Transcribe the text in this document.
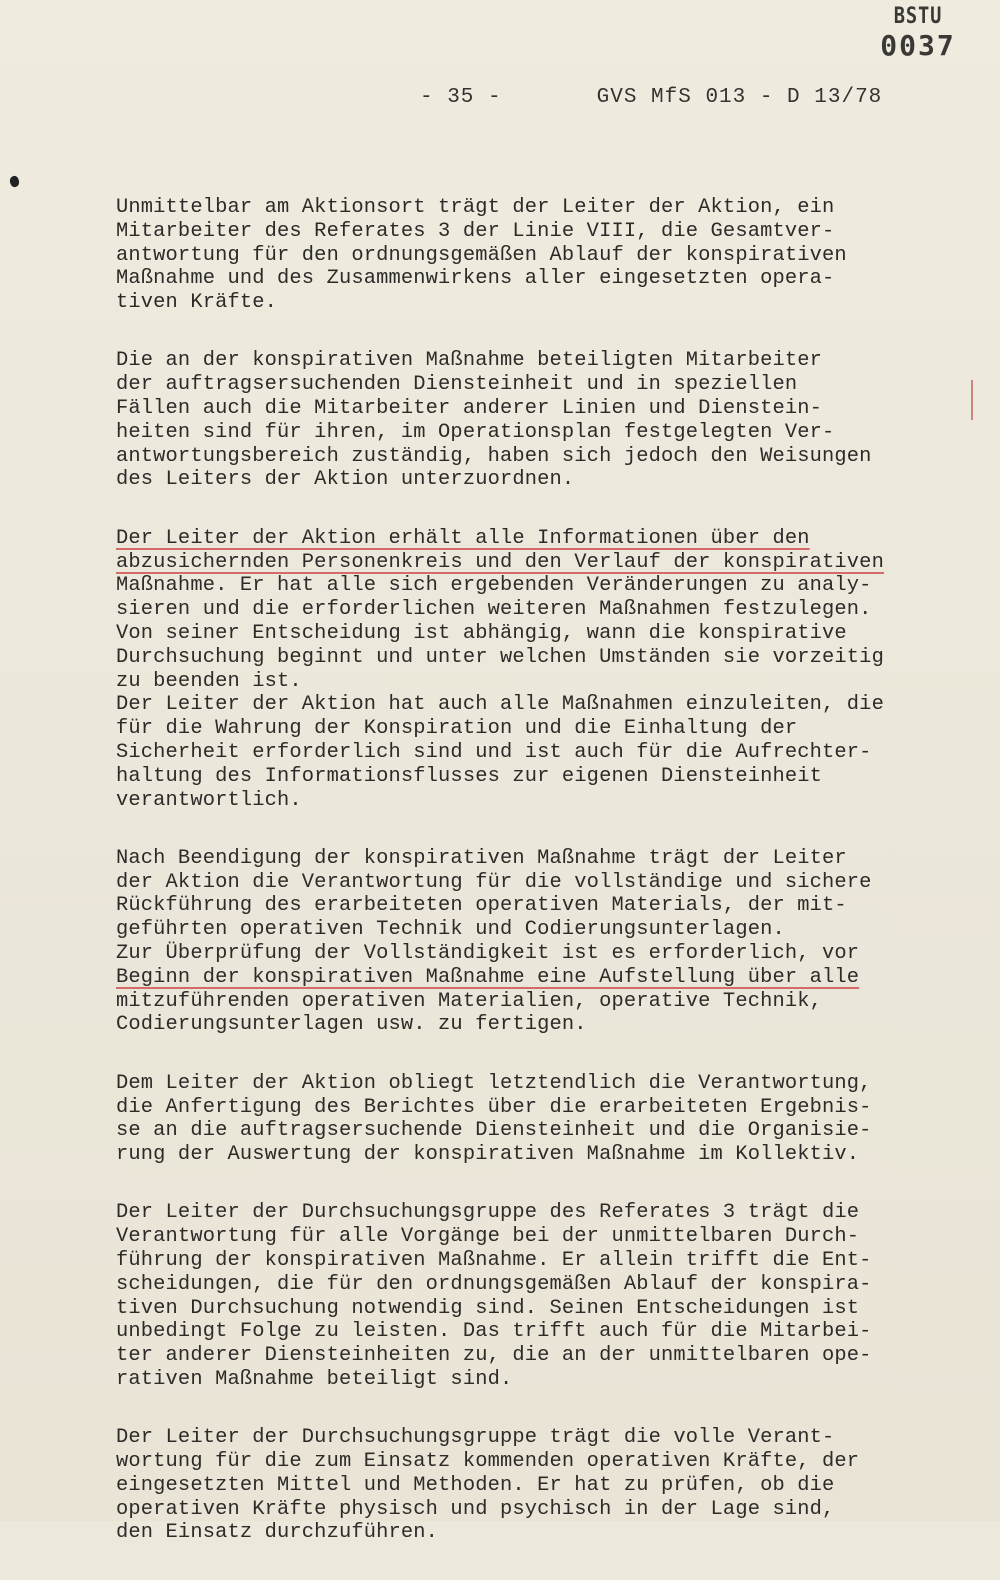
BSTU
0037
- 35 -	GVS MfS 013 - D 13/78
Unmittelbar am Aktionsort trägt der Leiter der Aktion, ein
Mitarbeiter des Referates 3 der Linie VIII, die Gesamtver-
antwortung für den ordnungsgemäßen Ablauf der konspirativen
Maßnahme und des Zusammenwirkens aller eingesetzten opera-
tiven Kräfte.
Die an der konspirativen Maßnahme beteiligten Mitarbeiter
der auftragsersuchenden Diensteinheit und in speziellen
Fällen auch die Mitarbeiter anderer Linien und Dienstein-
heiten sind für ihren, im Operationsplan festgelegten Ver-
antwortungsbereich zuständig, haben sich jedoch den Weisungen
des Leiters der Aktion unterzuordnen.
Der Leiter der Aktion erhält alle Informationen über den
abzusichernden Personenkreis und den Verlauf der konspirativen
Maßnahme. Er hat alle sich ergebenden Veränderungen zu analy-
sieren und die erforderlichen weiteren Maßnahmen festzulegen.
Von seiner Entscheidung ist abhängig, wann die konspirative
Durchsuchung beginnt und unter welchen Umständen sie vorzeitig
zu beenden ist.
Der Leiter der Aktion hat auch alle Maßnahmen einzuleiten, die
für die Wahrung der Konspiration und die Einhaltung der
Sicherheit erforderlich sind und ist auch für die Aufrechter-
haltung des Informationsflusses zur eigenen Diensteinheit
verantwortlich.
Nach Beendigung der konspirativen Maßnahme trägt der Leiter
der Aktion die Verantwortung für die vollständige und sichere
Rückführung des erarbeiteten operativen Materials, der mit-
geführten operativen Technik und Codierungsunterlagen.
Zur Überprüfung der Vollständigkeit ist es erforderlich, vor
Beginn der konspirativen Maßnahme eine Aufstellung über alle
mitzuführenden operativen Materialien, operative Technik,
Codierungsunterlagen usw. zu fertigen.
Dem Leiter der Aktion obliegt letztendlich die Verantwortung,
die Anfertigung des Berichtes über die erarbeiteten Ergebnis-
se an die auftragsersuchende Diensteinheit und die Organisie-
rung der Auswertung der konspirativen Maßnahme im Kollektiv.
Der Leiter der Durchsuchungsgruppe des Referates 3 trägt die
Verantwortung für alle Vorgänge bei der unmittelbaren Durch-
führung der konspirativen Maßnahme. Er allein trifft die Ent-
scheidungen, die für den ordnungsgemäßen Ablauf der konspira-
tiven Durchsuchung notwendig sind. Seinen Entscheidungen ist
unbedingt Folge zu leisten. Das trifft auch für die Mitarbei-
ter anderer Diensteinheiten zu, die an der unmittelbaren ope-
rativen Maßnahme beteiligt sind.
Der Leiter der Durchsuchungsgruppe trägt die volle Verant-
wortung für die zum Einsatz kommenden operativen Kräfte, der
eingesetzten Mittel und Methoden. Er hat zu prüfen, ob die
operativen Kräfte physisch und psychisch in der Lage sind,
den Einsatz durchzuführen.
